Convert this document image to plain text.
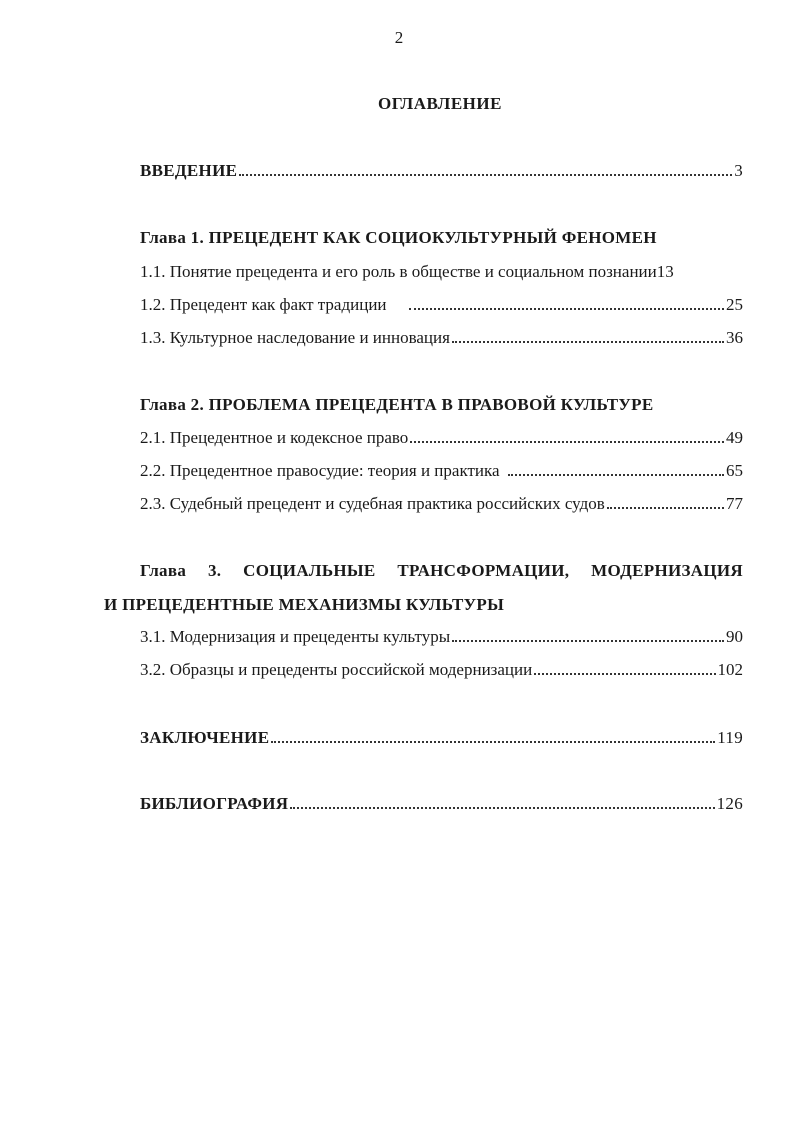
2
ОГЛАВЛЕНИЕ
ВВЕДЕНИЕ	3
Глава 1. ПРЕЦЕДЕНТ КАК СОЦИОКУЛЬТУРНЫЙ ФЕНОМЕН
1.1. Понятие прецедента и его роль в обществе и социальном познании 13
1.2. Прецедент как факт традиции	25
1.3. Культурное наследование и инновация	36
Глава 2. ПРОБЛЕМА ПРЕЦЕДЕНТА В ПРАВОВОЙ КУЛЬТУРЕ
2.1. Прецедентное и кодексное право	49
2.2. Прецедентное правосудие: теория и практика	65
2.3. Судебный прецедент и судебная практика российских судов	77
Глава 3. СОЦИАЛЬНЫЕ ТРАНСФОРМАЦИИ, МОДЕРНИЗАЦИЯ
И ПРЕЦЕДЕНТНЫЕ МЕХАНИЗМЫ КУЛЬТУРЫ
3.1. Модернизация и прецеденты культуры	90
3.2. Образцы и прецеденты российской модернизации	102
ЗАКЛЮЧЕНИЕ	119
БИБЛИОГРАФИЯ	126
